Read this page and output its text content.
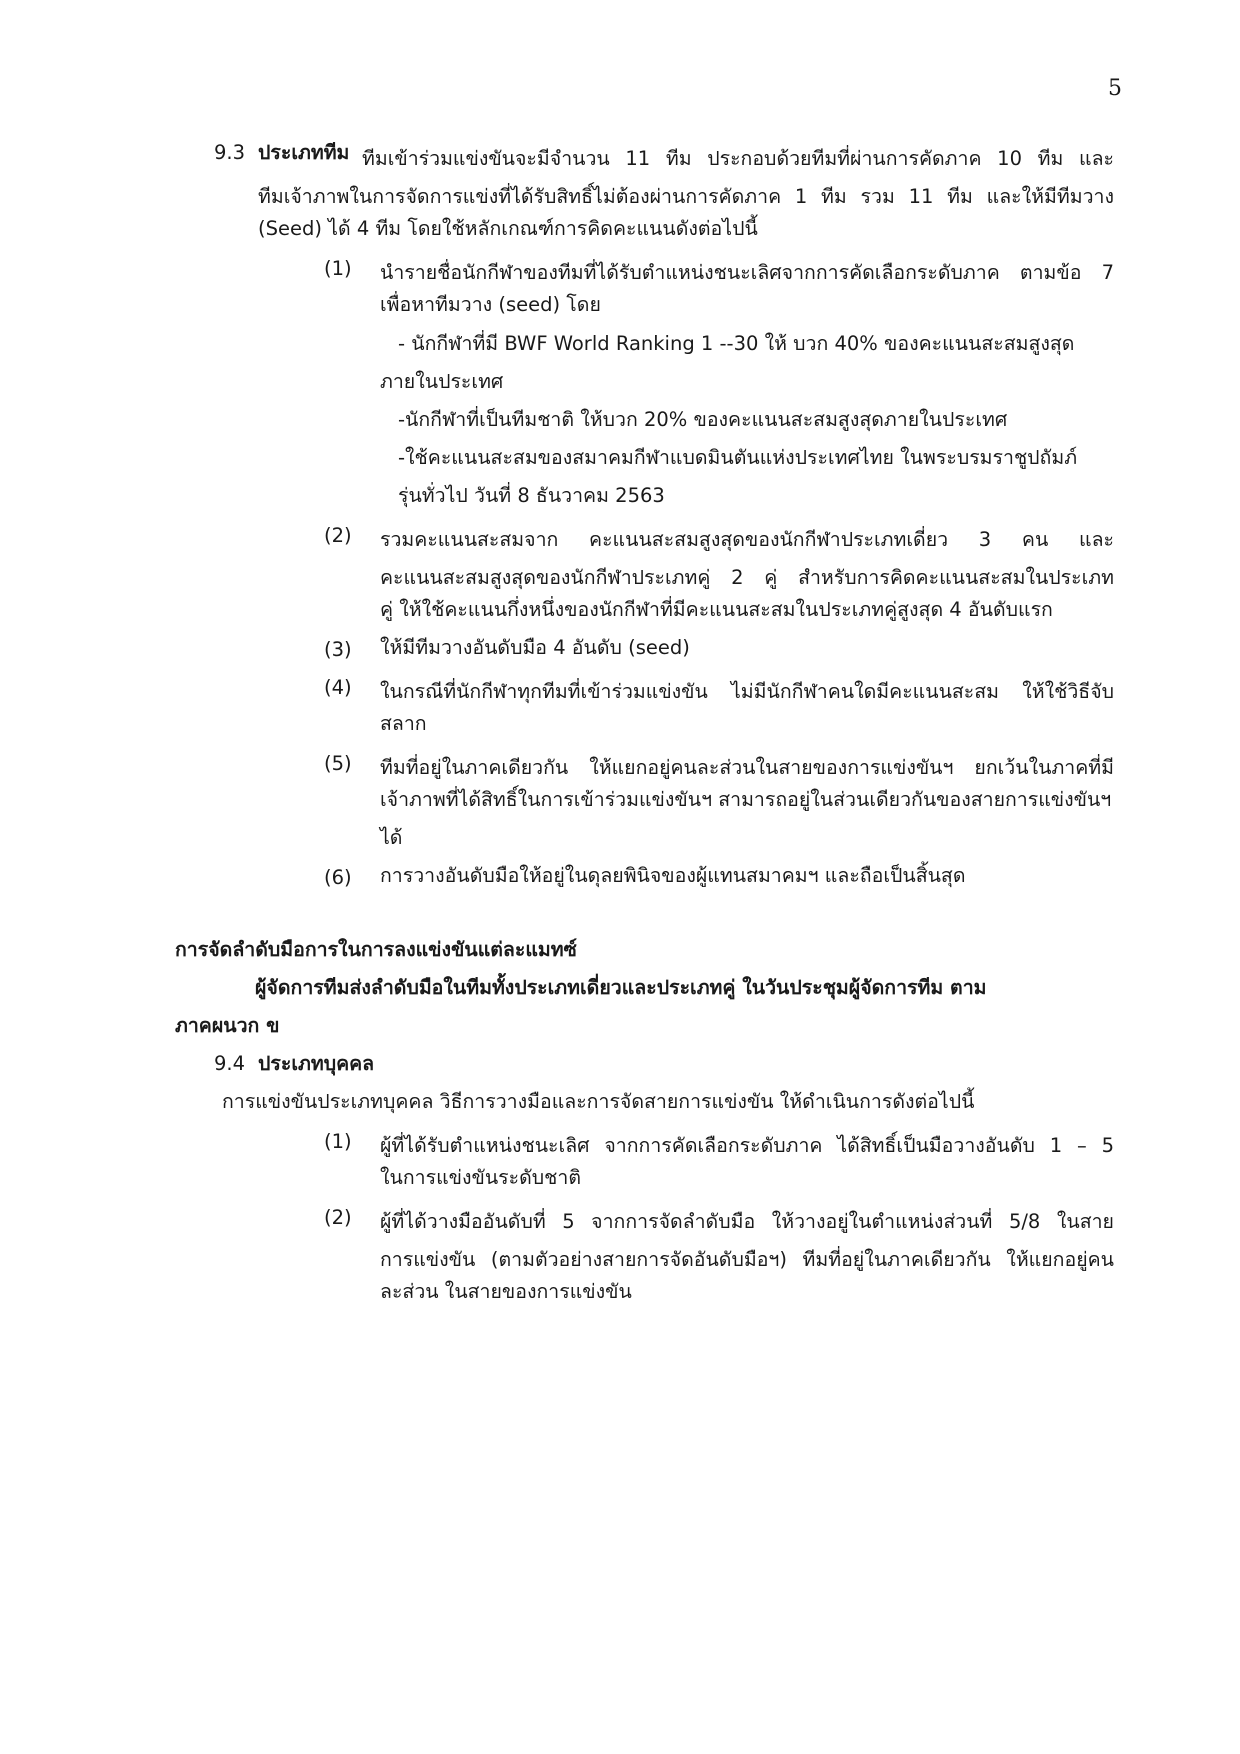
5
9.3 ประเภททีม ทีมเข้าร่วมแข่งขันจะมีจำนวน 11 ทีม ประกอบด้วยทีมที่ผ่านการคัดภาค 10 ทีม และ
ทีมเจ้าภาพในการจัดการแข่งที่ได้รับสิทธิ์ไม่ต้องผ่านการคัดภาค 1 ทีม รวม 11 ทีม และให้มีทีมวาง
(Seed) ได้ 4 ทีม โดยใช้หลักเกณฑ์การคิดคะแนนดังต่อไปนี้
(1) นำรายชื่อนักกีฬาของทีมที่ได้รับตำแหน่งชนะเลิศจากการคัดเลือกระดับภาค ตามข้อ 7
เพื่อหาทีมวาง (seed) โดย
- นักกีฬาที่มี BWF World Ranking 1 --30 ให้ บวก 40% ของคะแนนสะสมสูงสุด
ภายในประเทศ
-นักกีฬาที่เป็นทีมชาติ ให้บวก 20% ของคะแนนสะสมสูงสุดภายในประเทศ
-ใช้คะแนนสะสมของสมาคมกีฬาแบดมินตันแห่งประเทศไทย ในพระบรมราชูปถัมภ์
รุ่นทั่วไป วันที่ 8 ธันวาคม 2563
(2) รวมคะแนนสะสมจาก คะแนนสะสมสูงสุดของนักกีฬาประเภทเดี่ยว 3 คน และ
คะแนนสะสมสูงสุดของนักกีฬาประเภทคู่ 2 คู่ สำหรับการคิดคะแนนสะสมในประเภท
คู่ ให้ใช้คะแนนกึ่งหนึ่งของนักกีฬาที่มีคะแนนสะสมในประเภทคู่สูงสุด 4 อันดับแรก
(3) ให้มีทีมวางอันดับมือ 4 อันดับ (seed)
(4) ในกรณีที่นักกีฬาทุกทีมที่เข้าร่วมแข่งขัน ไม่มีนักกีฬาคนใดมีคะแนนสะสม ให้ใช้วิธีจับ
สลาก
(5) ทีมที่อยู่ในภาคเดียวกัน ให้แยกอยู่คนละส่วนในสายของการแข่งขันฯ ยกเว้นในภาคที่มี
เจ้าภาพที่ได้สิทธิ์ในการเข้าร่วมแข่งขันฯ สามารถอยู่ในส่วนเดียวกันของสายการแข่งขันฯ
ได้
(6) การวางอันดับมือให้อยู่ในดุลยพินิจของผู้แทนสมาคมฯ และถือเป็นสิ้นสุด
การจัดลำดับมือการในการลงแข่งขันแต่ละแมทซ์
ผู้จัดการทีมส่งลำดับมือในทีมทั้งประเภทเดี่ยวและประเภทคู่ ในวันประชุมผู้จัดการทีม ตาม
ภาคผนวก ข
9.4 ประเภทบุคคล
การแข่งขันประเภทบุคคล วิธีการวางมือและการจัดสายการแข่งขัน ให้ดำเนินการดังต่อไปนี้
(1) ผู้ที่ได้รับตำแหน่งชนะเลิศ จากการคัดเลือกระดับภาค ได้สิทธิ์เป็นมือวางอันดับ 1 – 5
ในการแข่งขันระดับชาติ
(2) ผู้ที่ได้วางมืออันดับที่ 5 จากการจัดลำดับมือ ให้วางอยู่ในตำแหน่งส่วนที่ 5/8 ในสาย
การแข่งขัน (ตามตัวอย่างสายการจัดอันดับมือฯ) ทีมที่อยู่ในภาคเดียวกัน ให้แยกอยู่คน
ละส่วน ในสายของการแข่งขัน
